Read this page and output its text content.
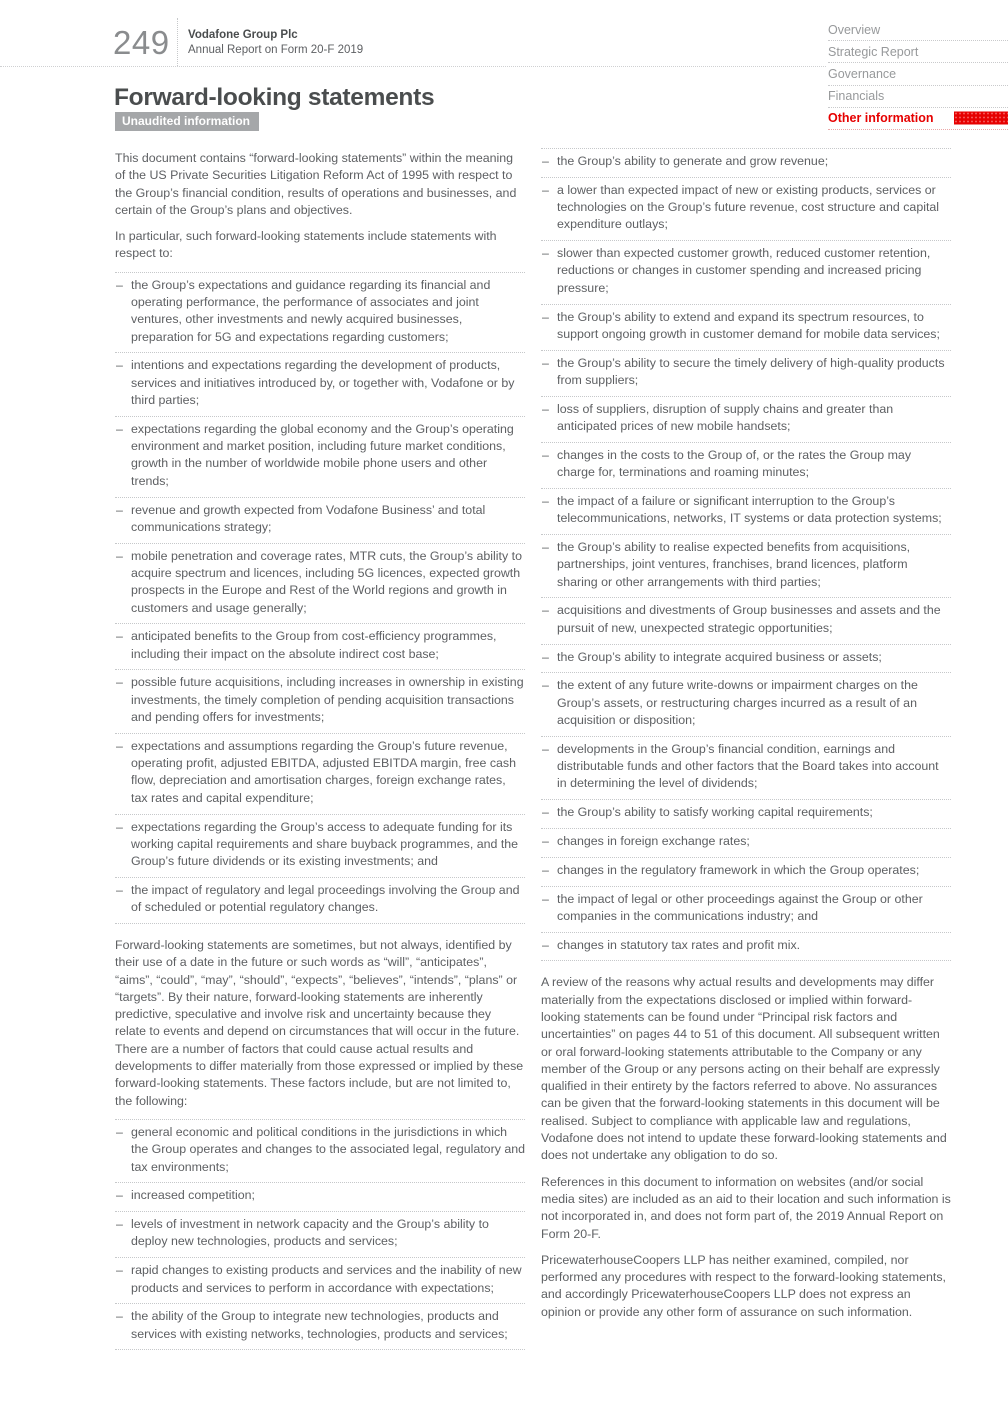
249 Vodafone Group Plc
Annual Report on Form 20-F 2019
Overview
Strategic Report
Governance
Financials
Other information
Forward-looking statements
Unaudited information

This document contains “forward-looking statements” within the meaning of the US Private Securities Litigation Reform Act of 1995 with respect to the Group’s financial condition, results of operations and businesses, and certain of the Group’s plans and objectives.

In particular, such forward-looking statements include statements with respect to:

– the Group’s expectations and guidance regarding its financial and operating performance, the performance of associates and joint ventures, other investments and newly acquired businesses, preparation for 5G and expectations regarding customers;
– intentions and expectations regarding the development of products, services and initiatives introduced by, or together with, Vodafone or by third parties;
– expectations regarding the global economy and the Group’s operating environment and market position, including future market conditions, growth in the number of worldwide mobile phone users and other trends;
– revenue and growth expected from Vodafone Business’ and total communications strategy;
– mobile penetration and coverage rates, MTR cuts, the Group’s ability to acquire spectrum and licences, including 5G licences, expected growth prospects in the Europe and Rest of the World regions and growth in customers and usage generally;
– anticipated benefits to the Group from cost-efficiency programmes, including their impact on the absolute indirect cost base;
– possible future acquisitions, including increases in ownership in existing investments, the timely completion of pending acquisition transactions and pending offers for investments;
– expectations and assumptions regarding the Group’s future revenue, operating profit, adjusted EBITDA, adjusted EBITDA margin, free cash flow, depreciation and amortisation charges, foreign exchange rates, tax rates and capital expenditure;
– expectations regarding the Group’s access to adequate funding for its working capital requirements and share buyback programmes, and the Group’s future dividends or its existing investments; and
– the impact of regulatory and legal proceedings involving the Group and of scheduled or potential regulatory changes.

Forward-looking statements are sometimes, but not always, identified by their use of a date in the future or such words as “will”, “anticipates”, “aims”, “could”, “may”, “should”, “expects”, “believes”, “intends”, “plans” or “targets”. By their nature, forward-looking statements are inherently predictive, speculative and involve risk and uncertainty because they relate to events and depend on circumstances that will occur in the future. There are a number of factors that could cause actual results and developments to differ materially from those expressed or implied by these forward-looking statements. These factors include, but are not limited to, the following:

– general economic and political conditions in the jurisdictions in which the Group operates and changes to the associated legal, regulatory and tax environments;
– increased competition;
– levels of investment in network capacity and the Group’s ability to deploy new technologies, products and services;
– rapid changes to existing products and services and the inability of new products and services to perform in accordance with expectations;
– the ability of the Group to integrate new technologies, products and services with existing networks, technologies, products and services;
– the Group’s ability to generate and grow revenue;
– a lower than expected impact of new or existing products, services or technologies on the Group’s future revenue, cost structure and capital expenditure outlays;
– slower than expected customer growth, reduced customer retention, reductions or changes in customer spending and increased pricing pressure;
– the Group’s ability to extend and expand its spectrum resources, to support ongoing growth in customer demand for mobile data services;
– the Group’s ability to secure the timely delivery of high-quality products from suppliers;
– loss of suppliers, disruption of supply chains and greater than anticipated prices of new mobile handsets;
– changes in the costs to the Group of, or the rates the Group may charge for, terminations and roaming minutes;
– the impact of a failure or significant interruption to the Group’s telecommunications, networks, IT systems or data protection systems;
– the Group’s ability to realise expected benefits from acquisitions, partnerships, joint ventures, franchises, brand licences, platform sharing or other arrangements with third parties;
– acquisitions and divestments of Group businesses and assets and the pursuit of new, unexpected strategic opportunities;
– the Group’s ability to integrate acquired business or assets;
– the extent of any future write-downs or impairment charges on the Group’s assets, or restructuring charges incurred as a result of an acquisition or disposition;
– developments in the Group’s financial condition, earnings and distributable funds and other factors that the Board takes into account in determining the level of dividends;
– the Group’s ability to satisfy working capital requirements;
– changes in foreign exchange rates;
– changes in the regulatory framework in which the Group operates;
– the impact of legal or other proceedings against the Group or other companies in the communications industry; and
– changes in statutory tax rates and profit mix.

A review of the reasons why actual results and developments may differ materially from the expectations disclosed or implied within forward-looking statements can be found under “Principal risk factors and uncertainties” on pages 44 to 51 of this document. All subsequent written or oral forward-looking statements attributable to the Company or any member of the Group or any persons acting on their behalf are expressly qualified in their entirety by the factors referred to above. No assurances can be given that the forward-looking statements in this document will be realised. Subject to compliance with applicable law and regulations, Vodafone does not intend to update these forward-looking statements and does not undertake any obligation to do so.

References in this document to information on websites (and/or social media sites) are included as an aid to their location and such information is not incorporated in, and does not form part of, the 2019 Annual Report on Form 20-F.

PricewaterhouseCoopers LLP has neither examined, compiled, nor performed any procedures with respect to the forward-looking statements, and accordingly PricewaterhouseCoopers LLP does not express an opinion or provide any other form of assurance on such information.
